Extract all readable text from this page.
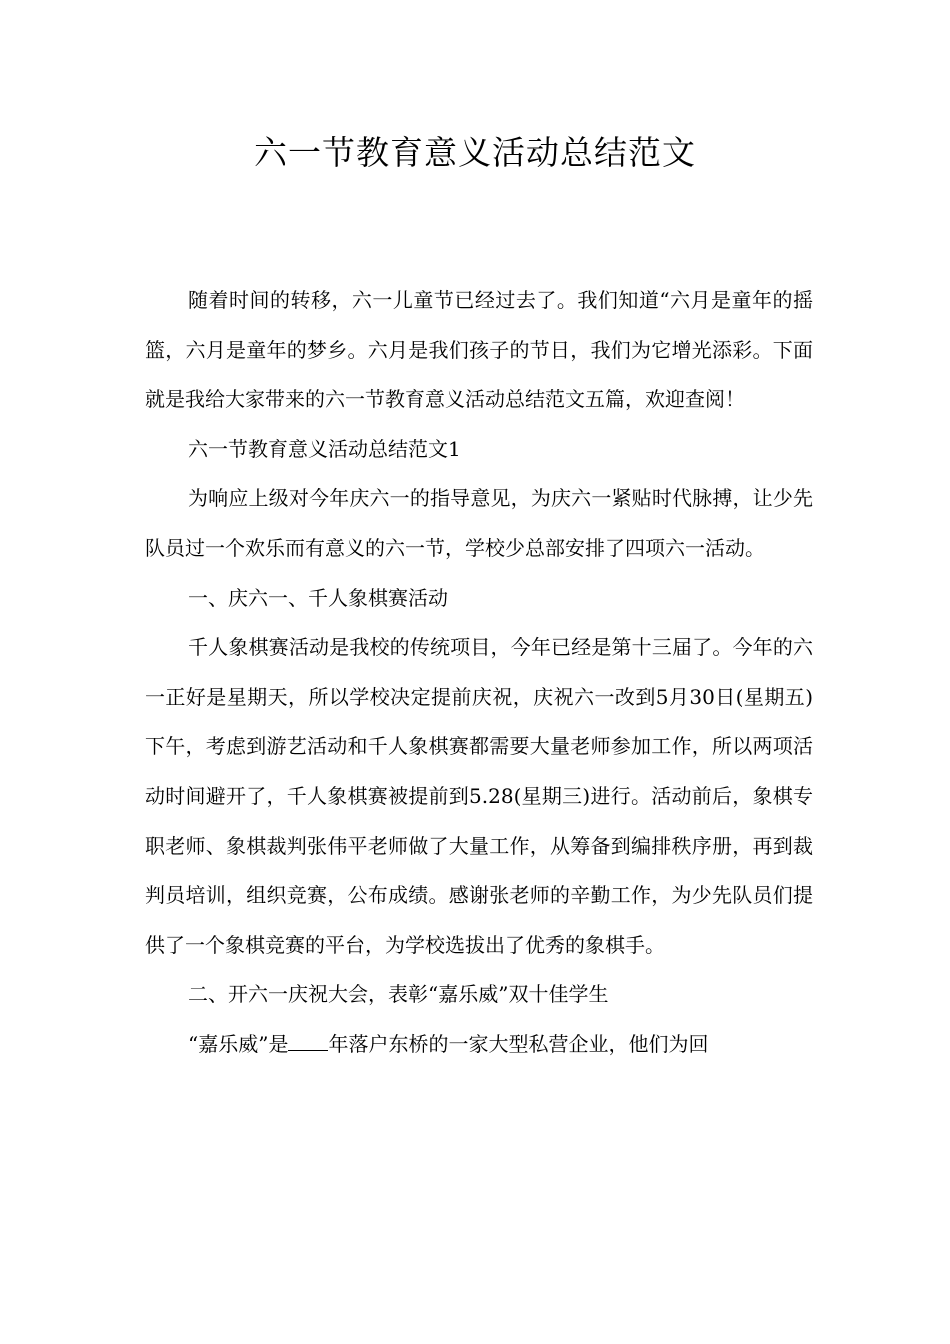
六一节教育意义活动总结范文

随着时间的转移，六一儿童节已经过去了。我们知道“六月是童年的摇篮，六月是童年的梦乡。六月是我们孩子的节日，我们为它增光添彩。下面就是我给大家带来的六一节教育意义活动总结范文五篇，欢迎查阅！

六一节教育意义活动总结范文1

为响应上级对今年庆六一的指导意见，为庆六一紧贴时代脉搏，让少先队员过一个欢乐而有意义的六一节，学校少总部安排了四项六一活动。

一、庆六一、千人象棋赛活动

千人象棋赛活动是我校的传统项目，今年已经是第十三届了。今年的六一正好是星期天，所以学校决定提前庆祝，庆祝六一改到5月30日(星期五)下午，考虑到游艺活动和千人象棋赛都需要大量老师参加工作，所以两项活动时间避开了，千人象棋赛被提前到5.28(星期三)进行。活动前后，象棋专职老师、象棋裁判张伟平老师做了大量工作，从筹备到编排秩序册，再到裁判员培训，组织竞赛，公布成绩。感谢张老师的辛勤工作，为少先队员们提供了一个象棋竞赛的平台，为学校选拔出了优秀的象棋手。

二、开六一庆祝大会，表彰“嘉乐威”双十佳学生

“嘉乐威”是 年落户东桥的一家大型私营企业，他们为回
